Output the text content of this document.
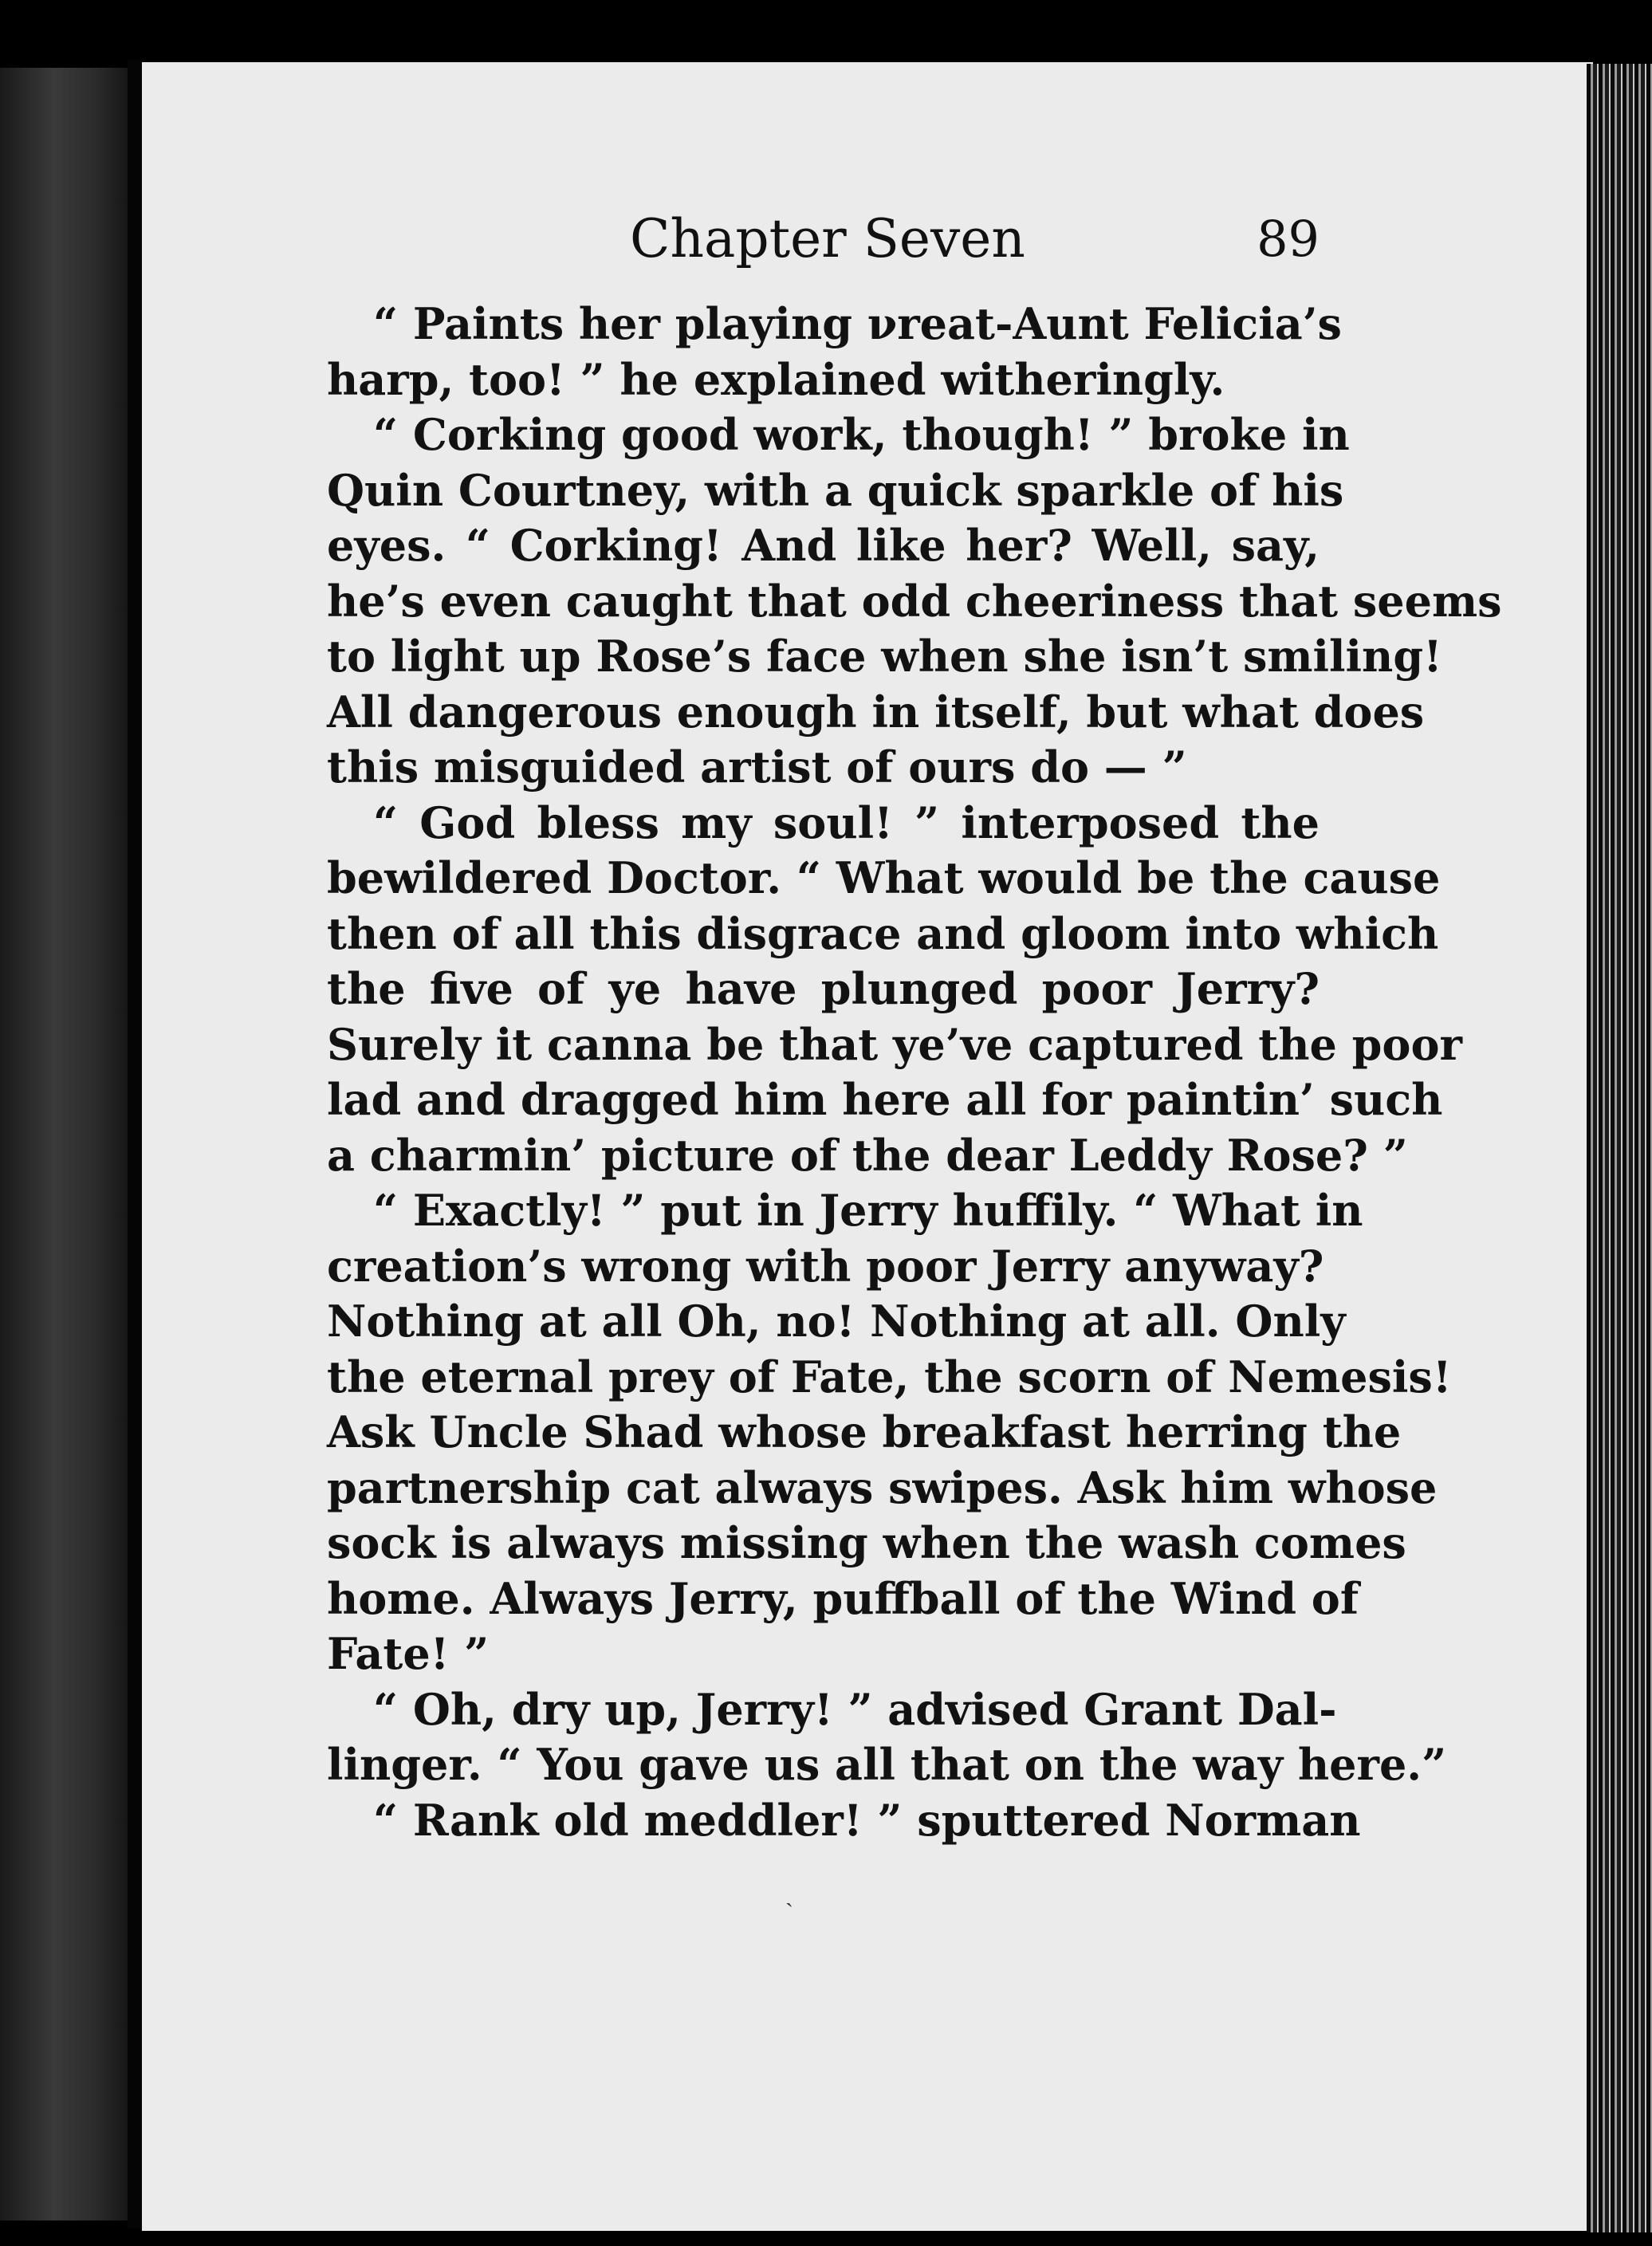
Chapter Seven	89
“ Paints her playing νreat-Aunt Felicia’s
harp, too! ” he explained witheringly.
“ Corking good work, though! ” broke in
Quin Courtney, with a quick sparkle of his
eyes. “ Corking! And like her? Well, say,
he’s even caught that odd cheeriness that seems
to light up Rose’s face when she isn’t smiling!
All dangerous enough in itself, but what does
this misguided artist of ours do — ”
“ God bless my soul! ” interposed the
bewildered Doctor. “ What would be the cause
then of all this disgrace and gloom into which
the five of ye have plunged poor Jerry?
Surely it canna be that ye’ve captured the poor
lad and dragged him here all for paintin’ such
a charmin’ picture of the dear Leddy Rose? ”
“ Exactly! ” put in Jerry huffily. “ What in
creation’s wrong with poor Jerry anyway?
Nothing at all Oh, no! Nothing at all. Only
the eternal prey of Fate, the scorn of Nemesis!
Ask Uncle Shad whose breakfast herring the
partnership cat always swipes. Ask him whose
sock is always missing when the wash comes
home. Always Jerry, puffball of the Wind of
Fate! ”
“ Oh, dry up, Jerry! ” advised Grant Dal-
linger. “ You gave us all that on the way here.”
“ Rank old meddler! ” sputtered Norman
ˎ
